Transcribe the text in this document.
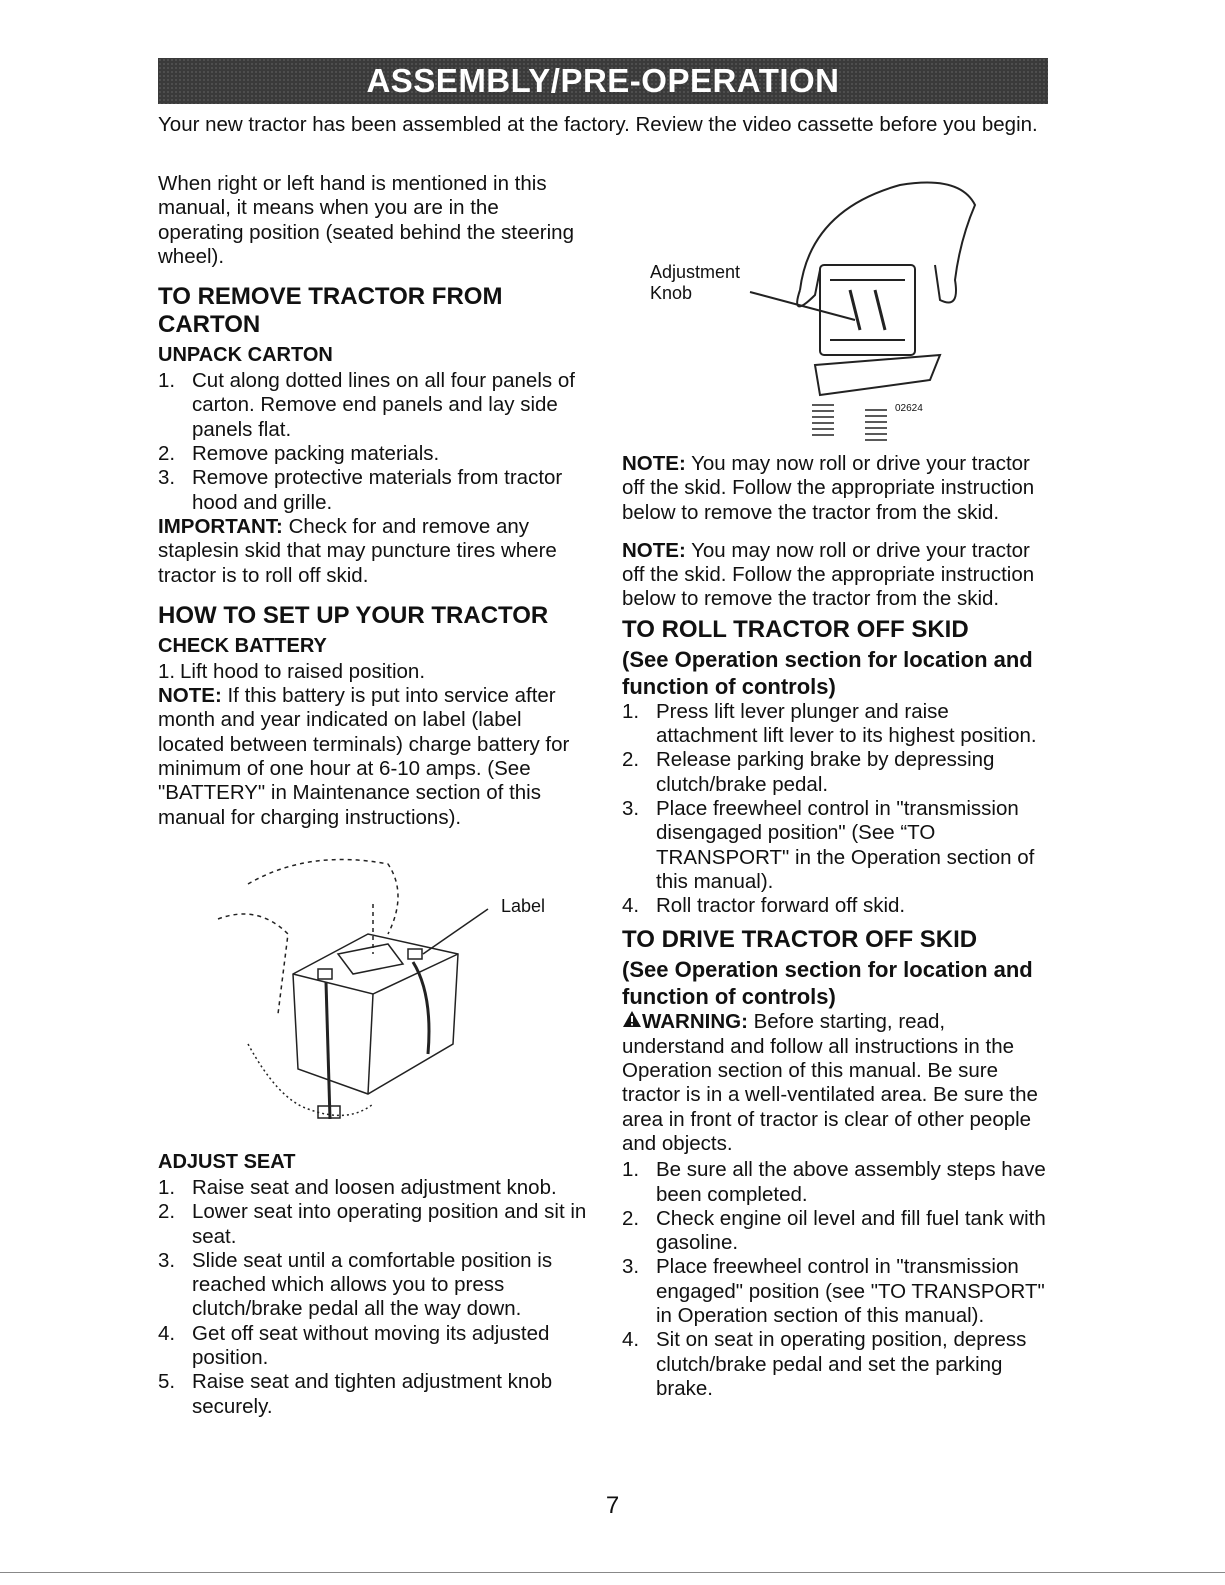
ASSEMBLY/PRE-OPERATION
Your new tractor has been assembled at the factory. Review the video cassette before you begin.

When right or left hand is mentioned in this manual, it means when you are in the operating position (seated behind the steering wheel).

TO REMOVE TRACTOR FROM CARTON
UNPACK CARTON
1. Cut along dotted lines on all four panels of carton. Remove end panels and lay side panels flat.
2. Remove packing materials.
3. Remove protective materials from tractor hood and grille.

IMPORTANT: Check for and remove any staplesin skid that may puncture tires where tractor is to roll off skid.

HOW TO SET UP YOUR TRACTOR
CHECK BATTERY
1. Lift hood to raised position.

NOTE: If this battery is put into service after month and year indicated on label (label located between terminals) charge battery for minimum of one hour at 6-10 amps. (See "BATTERY" in Maintenance section of this manual for charging instructions).

Label
ADJUST SEAT
1. Raise seat and loosen adjustment knob.
2. Lower seat into operating position and sit in seat.
3. Slide seat until a comfortable position is reached which allows you to press clutch/brake pedal all the way down.
4. Get off seat without moving its adjusted position.
5. Raise seat and tighten adjustment knob securely.
Adjustment
Knob
02624

NOTE: You may now roll or drive your tractor off the skid. Follow the appropriate instruction below to remove the tractor from the skid.

NOTE: You may now roll or drive your tractor off the skid. Follow the appropriate instruction below to remove the tractor from the skid.

TO ROLL TRACTOR OFF SKID
(See Operation section for location and function of controls)
1. Press lift lever plunger and raise attachment lift lever to its highest position.
2. Release parking brake by depressing clutch/brake pedal.
3. Place freewheel control in "transmission disengaged position" (See “TO TRANSPORT" in the Operation section of this manual).
4. Roll tractor forward off skid.
TO DRIVE TRACTOR OFF SKID
(See Operation section for location and function of controls)

WARNING: Before starting, read, understand and follow all instructions in the Operation section of this manual. Be sure tractor is in a well-ventilated area. Be sure the area in front of tractor is clear of other people and objects.

1. Be sure all the above assembly steps have been completed.
2. Check engine oil level and fill fuel tank with gasoline.
3. Place freewheel control in "transmission engaged" position (see "TO TRANSPORT" in Operation section of this manual).
4. Sit on seat in operating position, depress clutch/brake pedal and set the parking brake.
7
